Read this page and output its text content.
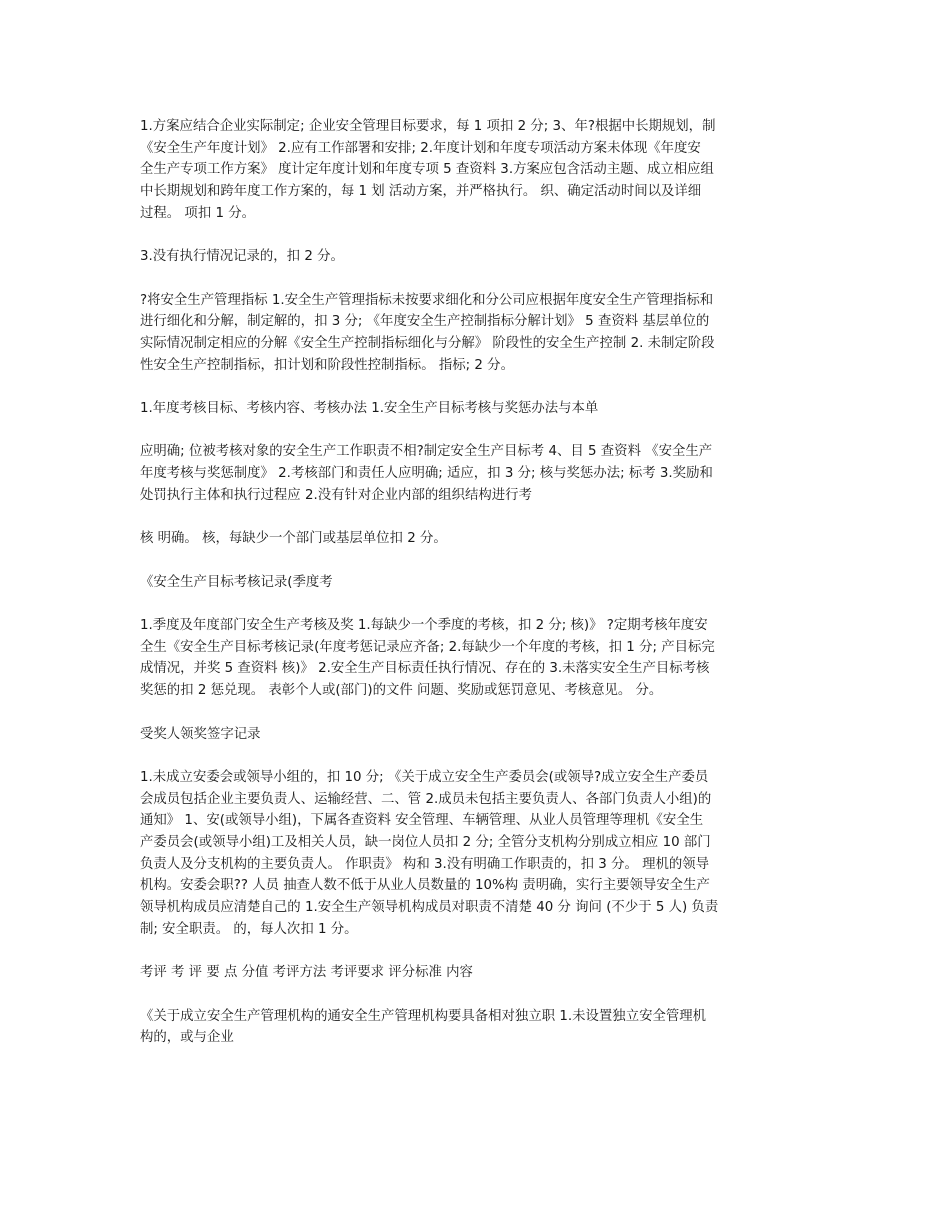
1.方案应结合企业实际制定; 企业安全管理目标要求，每 1 项扣 2 分; 3、年?根据中长期规划，制
《安全生产年度计划》 2.应有工作部署和安排; 2.年度计划和年度专项活动方案未体现《年度安
全生产专项工作方案》 度计定年度计划和年度专项 5 查资料 3.方案应包含活动主题、成立相应组
中长期规划和跨年度工作方案的，每 1 划 活动方案，并严格执行。 织、确定活动时间以及详细
过程。 项扣 1 分。

3.没有执行情况记录的，扣 2 分。

?将安全生产管理指标 1.安全生产管理指标未按要求细化和分公司应根据年度安全生产管理指标和
进行细化和分解，制定解的，扣 3 分; 《年度安全生产控制指标分解计划》 5 查资料 基层单位的
实际情况制定相应的分解《安全生产控制指标细化与分解》 阶段性的安全生产控制 2. 未制定阶段
性安全生产控制指标，扣计划和阶段性控制指标。 指标; 2 分。

1.年度考核目标、考核内容、考核办法 1.安全生产目标考核与奖惩办法与本单

应明确; 位被考核对象的安全生产工作职责不相?制定安全生产目标考 4、目 5 查资料 《安全生产
年度考核与奖惩制度》 2.考核部门和责任人应明确; 适应，扣 3 分; 核与奖惩办法; 标考 3.奖励和
处罚执行主体和执行过程应 2.没有针对企业内部的组织结构进行考

核 明确。 核，每缺少一个部门或基层单位扣 2 分。

《安全生产目标考核记录(季度考

1.季度及年度部门安全生产考核及奖 1.每缺少一个季度的考核，扣 2 分; 核)》 ?定期考核年度安
全生《安全生产目标考核记录(年度考惩记录应齐备; 2.每缺少一个年度的考核，扣 1 分; 产目标完
成情况，并奖 5 查资料 核)》 2.安全生产目标责任执行情况、存在的 3.未落实安全生产目标考核
奖惩的扣 2 惩兑现。 表彰个人或(部门)的文件 问题、奖励或惩罚意见、考核意见。 分。

受奖人领奖签字记录

1.未成立安委会或领导小组的，扣 10 分; 《关于成立安全生产委员会(或领导?成立安全生产委员
会成员包括企业主要负责人、运输经营、二、管 2.成员未包括主要负责人、各部门负责人小组)的
通知》 1、安(或领导小组)，下属各查资料 安全管理、车辆管理、从业人员管理等理机《安全生
产委员会(或领导小组)工及相关人员，缺一岗位人员扣 2 分; 全管分支机构分别成立相应 10 部门
负责人及分支机构的主要负责人。 作职责》 构和 3.没有明确工作职责的，扣 3 分。 理机的领导
机构。安委会职?? 人员 抽查人数不低于从业人员数量的 10%构 责明确，实行主要领导安全生产
领导机构成员应清楚自己的 1.安全生产领导机构成员对职责不清楚 40 分 询问 (不少于 5 人) 负责
制; 安全职责。 的，每人次扣 1 分。

考评 考 评 要 点 分值 考评方法 考评要求 评分标准 内容

《关于成立安全生产管理机构的通安全生产管理机构要具备相对独立职 1.未设置独立安全管理机
构的，或与企业
